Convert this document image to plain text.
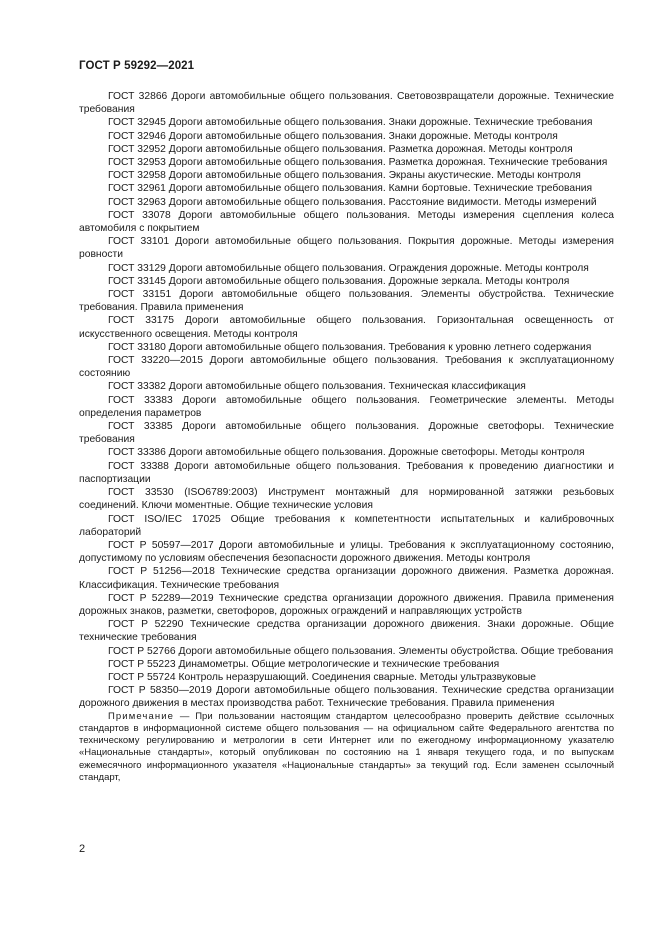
ГОСТ Р 59292—2021

ГОСТ 32866 Дороги автомобильные общего пользования. Световозвращатели дорожные. Технические требования

ГОСТ 32945 Дороги автомобильные общего пользования. Знаки дорожные. Технические требования

ГОСТ 32946 Дороги автомобильные общего пользования. Знаки дорожные. Методы контроля

ГОСТ 32952 Дороги автомобильные общего пользования. Разметка дорожная. Методы контроля

ГОСТ 32953 Дороги автомобильные общего пользования. Разметка дорожная. Технические требования

ГОСТ 32958 Дороги автомобильные общего пользования. Экраны акустические. Методы контроля

ГОСТ 32961 Дороги автомобильные общего пользования. Камни бортовые. Технические требования

ГОСТ 32963 Дороги автомобильные общего пользования. Расстояние видимости. Методы измерений

ГОСТ 33078 Дороги автомобильные общего пользования. Методы измерения сцепления колеса автомобиля с покрытием

ГОСТ 33101 Дороги автомобильные общего пользования. Покрытия дорожные. Методы измерения ровности

ГОСТ 33129 Дороги автомобильные общего пользования. Ограждения дорожные. Методы контроля

ГОСТ 33145 Дороги автомобильные общего пользования. Дорожные зеркала. Методы контроля

ГОСТ 33151 Дороги автомобильные общего пользования. Элементы обустройства. Технические требования. Правила применения

ГОСТ 33175 Дороги автомобильные общего пользования. Горизонтальная освещенность от искусственного освещения. Методы контроля

ГОСТ 33180 Дороги автомобильные общего пользования. Требования к уровню летнего содержания

ГОСТ 33220—2015 Дороги автомобильные общего пользования. Требования к эксплуатационному состоянию

ГОСТ 33382 Дороги автомобильные общего пользования. Техническая классификация

ГОСТ 33383 Дороги автомобильные общего пользования. Геометрические элементы. Методы определения параметров

ГОСТ 33385 Дороги автомобильные общего пользования. Дорожные светофоры. Технические требования

ГОСТ 33386 Дороги автомобильные общего пользования. Дорожные светофоры. Методы контроля

ГОСТ 33388 Дороги автомобильные общего пользования. Требования к проведению диагностики и паспортизации

ГОСТ 33530 (ISO6789:2003) Инструмент монтажный для нормированной затяжки резьбовых соединений. Ключи моментные. Общие технические условия

ГОСТ ISO/IEC 17025 Общие требования к компетентности испытательных и калибровочных лабораторий

ГОСТ Р 50597—2017 Дороги автомобильные и улицы. Требования к эксплуатационному состоянию, допустимому по условиям обеспечения безопасности дорожного движения. Методы контроля

ГОСТ Р 51256—2018 Технические средства организации дорожного движения. Разметка дорожная. Классификация. Технические требования

ГОСТ Р 52289—2019 Технические средства организации дорожного движения. Правила применения дорожных знаков, разметки, светофоров, дорожных ограждений и направляющих устройств

ГОСТ Р 52290 Технические средства организации дорожного движения. Знаки дорожные. Общие технические требования

ГОСТ Р 52766 Дороги автомобильные общего пользования. Элементы обустройства. Общие требования

ГОСТ Р 55223 Динамометры. Общие метрологические и технические требования

ГОСТ Р 55724 Контроль неразрушающий. Соединения сварные. Методы ультразвуковые

ГОСТ Р 58350—2019 Дороги автомобильные общего пользования. Технические средства организации дорожного движения в местах производства работ. Технические требования. Правила применения

Примечание — При пользовании настоящим стандартом целесообразно проверить действие ссылочных стандартов в информационной системе общего пользования — на официальном сайте Федерального агентства по техническому регулированию и метрологии в сети Интернет или по ежегодному информационному указателю «Национальные стандарты», который опубликован по состоянию на 1 января текущего года, и по выпускам ежемесячного информационного указателя «Национальные стандарты» за текущий год. Если заменен ссылочный стандарт,

2
